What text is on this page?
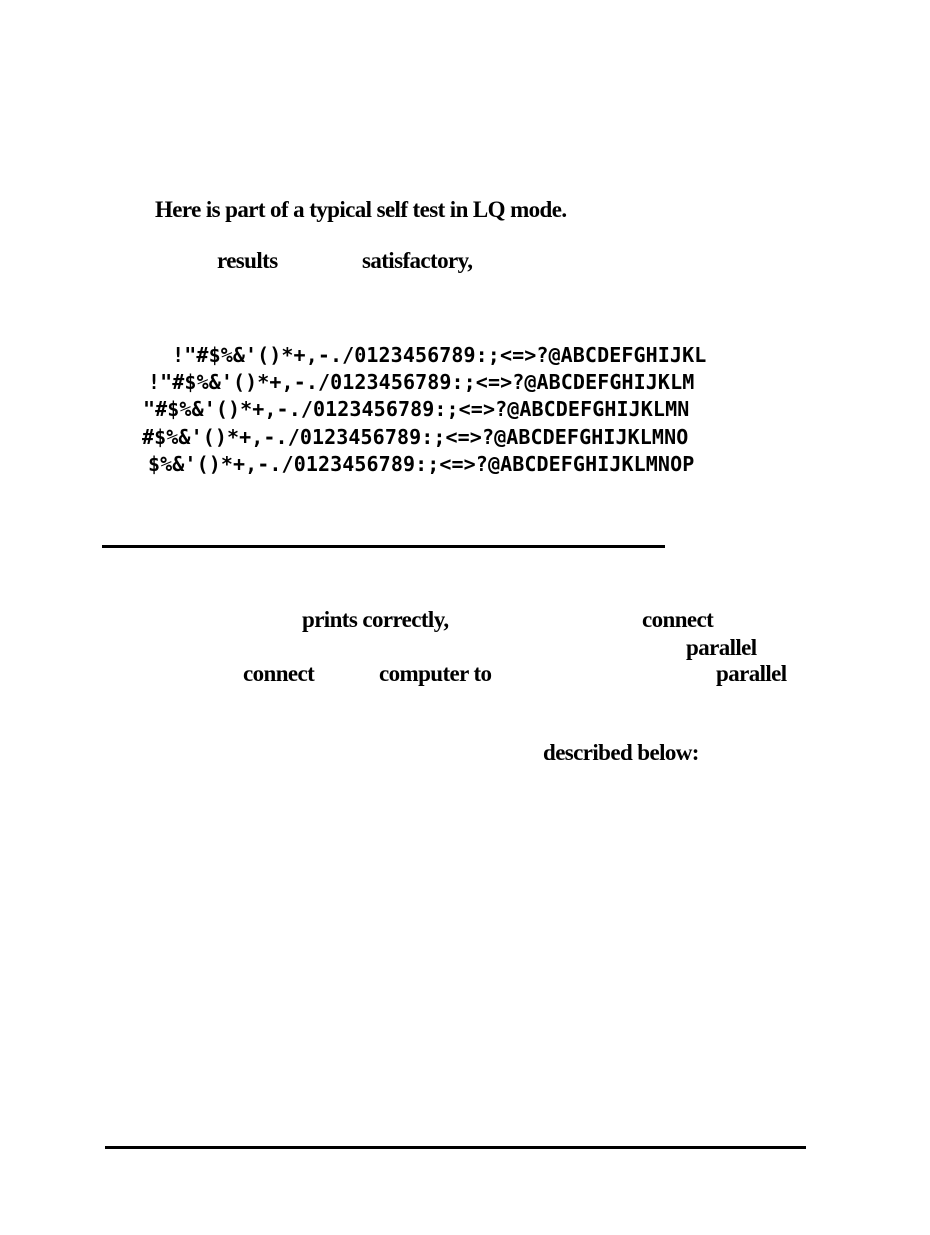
Here is part of a typical self test in LQ mode.
results	satisfactory,
!"#$%&'()*+,-./0123456789:;<=>?@ABCDEFGHIJKL
!"#$%&'()*+,-./0123456789:;<=>?@ABCDEFGHIJKLM
"#$%&'()*+,-./0123456789:;<=>?@ABCDEFGHIJKLMN
#$%&'()*+,-./0123456789:;<=>?@ABCDEFGHIJKLMNO
$%&'()*+,-./0123456789:;<=>?@ABCDEFGHIJKLMNOP
prints correctly,	connect
parallel
connect	computer to	parallel
described below:
